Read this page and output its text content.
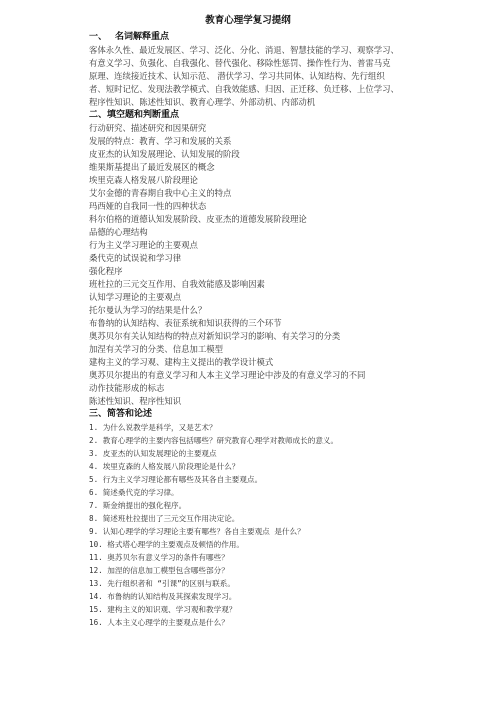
教育心理学复习提纲
一、 名词解释重点
客体永久性、最近发展区、学习、泛化、分化、消退、智慧技能的学习、观察学习、
有意义学习、负强化、自我强化、替代强化、移除性惩罚、操作性行为、普雷马克
原理、连续接近技术、认知示范、 潜伏学习、学习共同体、认知结构、先行组织
者、短时记忆、发现法教学模式、自我效能感、归因、正迁移、负迁移、上位学习、
程序性知识、陈述性知识、教育心理学、外部动机、内部动机
二、填空题和判断重点
行动研究、描述研究和因果研究
发展的特点：教育、学习和发展的关系
皮亚杰的认知发展理论、认知发展的阶段
维果斯基提出了最近发展区的概念
埃里克森人格发展八阶段理论
艾尔金德的青春期自我中心主义的特点
玛西娅的自我同一性的四种状态
科尔伯格的道德认知发展阶段、皮亚杰的道德发展阶段理论
品德的心理结构
行为主义学习理论的主要观点
桑代克的试误说和学习律
强化程序
班杜拉的三元交互作用、自我效能感及影响因素
认知学习理论的主要观点
托尔曼认为学习的结果是什么？
布鲁纳的认知结构、表征系统和知识获得的三个环节
奥苏贝尔有关认知结构的特点对新知识学习的影响、有关学习的分类
加涅有关学习的分类、信息加工模型
建构主义的学习观、建构主义提出的教学设计模式
奥苏贝尔提出的有意义学习和人本主义学习理论中涉及的有意义学习的不同
动作技能形成的标志
陈述性知识、程序性知识
三、简答和论述
1. 为什么说教学是科学，又是艺术？
2. 教育心理学的主要内容包括哪些？研究教育心理学对教师成长的意义。
3. 皮亚杰的认知发展理论的主要观点
4. 埃里克森的人格发展八阶段理论是什么？
5. 行为主义学习理论都有哪些及其各自主要观点。
6. 简述桑代克的学习律。
7. 斯金纳提出的强化程序。
8. 简述班杜拉提出了三元交互作用决定论。
9. 认知心理学的学习理论主要有哪些？各自主要观点 是什么？
10. 格式塔心理学的主要观点及顿悟的作用。
11. 奥苏贝尔有意义学习的条件有哪些？
12. 加涅的信息加工模型包含哪些部分？
13. 先行组织者和 “引课”的区别与联系。
14. 布鲁纳的认知结构及其探索发现学习。
15. 建构主义的知识观、学习观和教学观？
16. 人本主义心理学的主要观点是什么？
